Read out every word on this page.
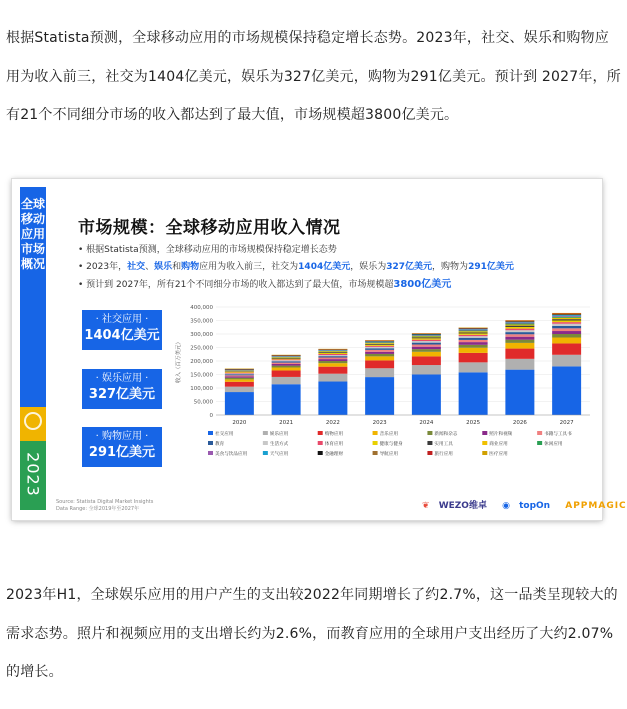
根据Statista预测，全球移动应用的市场规模保持稳定增长态势。2023年，社交、娱乐和购物应用为收入前三，社交为1404亿美元，娱乐为327亿美元，购物为291亿美元。预计到 2027年，所有21个不同细分市场的收入都达到了最大值，市场规模超3800亿美元。

全球移动应用市场概况
2023
市场规模：全球移动应用收入情况
• 根据Statista预测，全球移动应用的市场规模保持稳定增长态势
• 2023年，社交、娱乐和购物应用为收入前三，社交为1404亿美元，娱乐为327亿美元，购物为291亿美元
• 预计到 2027年，所有21个不同细分市场的收入都达到了最大值，市场规模超3800亿美元
· 社交应用 ·
1404亿美元
· 娱乐应用 ·
327亿美元
· 购物应用 ·
291亿美元
0
50,000
100,000
150,000
200,000
250,000
300,000
350,000
400,000
收入（百万美元）
2020	2021	2022	2023	2024	2025	2026	2027
社交应用	娱乐应用	购物应用	音乐应用	新闻和杂志	照片和视频	书籍与工具书
教育	生活方式	体育应用	健康与健身	实用工具	商业应用	休闲应用
美食与饮品应用	天气应用	金融理财	导航应用	旅行应用	医疗应用
Source: Statista Digital Market Insights
Data Range: 全球2019年至2027年	❦ WEZO维卓 ◉ topOn APPMAGIC

2023年H1，全球娱乐应用的用户产生的支出较2022年同期增长了约2.7%，这一品类呈现较大的需求态势。照片和视频应用的支出增长约为2.6%，而教育应用的全球用户支出经历了大约2.07%的增长。
